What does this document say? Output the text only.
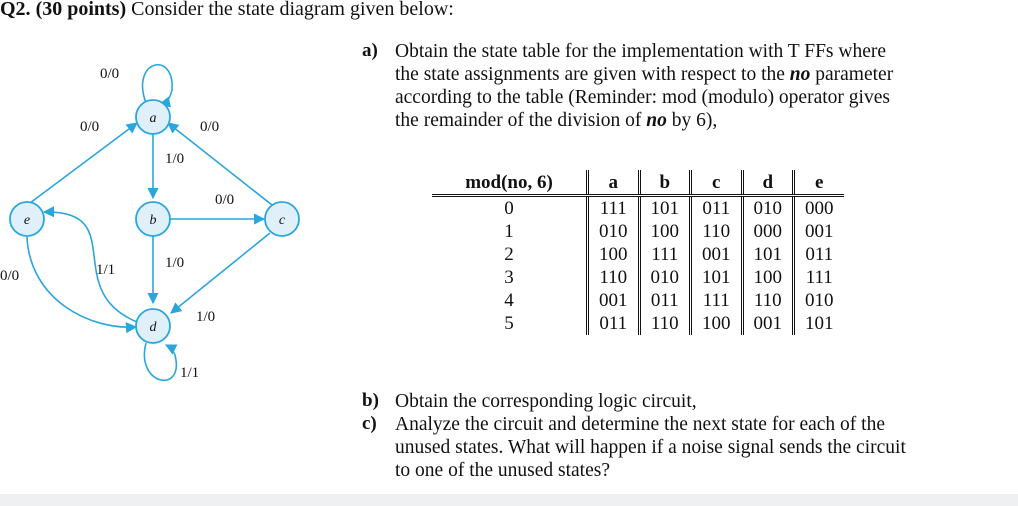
Q2. (30 points) Consider the state diagram given below:
a
b	c
d
e
0/0
0/0	0/0
1/0
0/0
1/0
1/1
0/0
1/0
1/1
a) Obtain the state table for the implementation with T FFs where
the state assignments are given with respect to the no parameter
according to the table (Reminder: mod (modulo) operator gives
the remainder of the division of no by 6),
mod(no, 6)	a	b	c	d	e
0	111	101	011	010	000
1	010	100	110	000	001
2	100	111	001	101	011
3	110	010	101	100	111
4	001	011	111	110	010
5	011	110	100	001	101
b) Obtain the corresponding logic circuit,
c) Analyze the circuit and determine the next state for each of the
unused states. What will happen if a noise signal sends the circuit
to one of the unused states?
